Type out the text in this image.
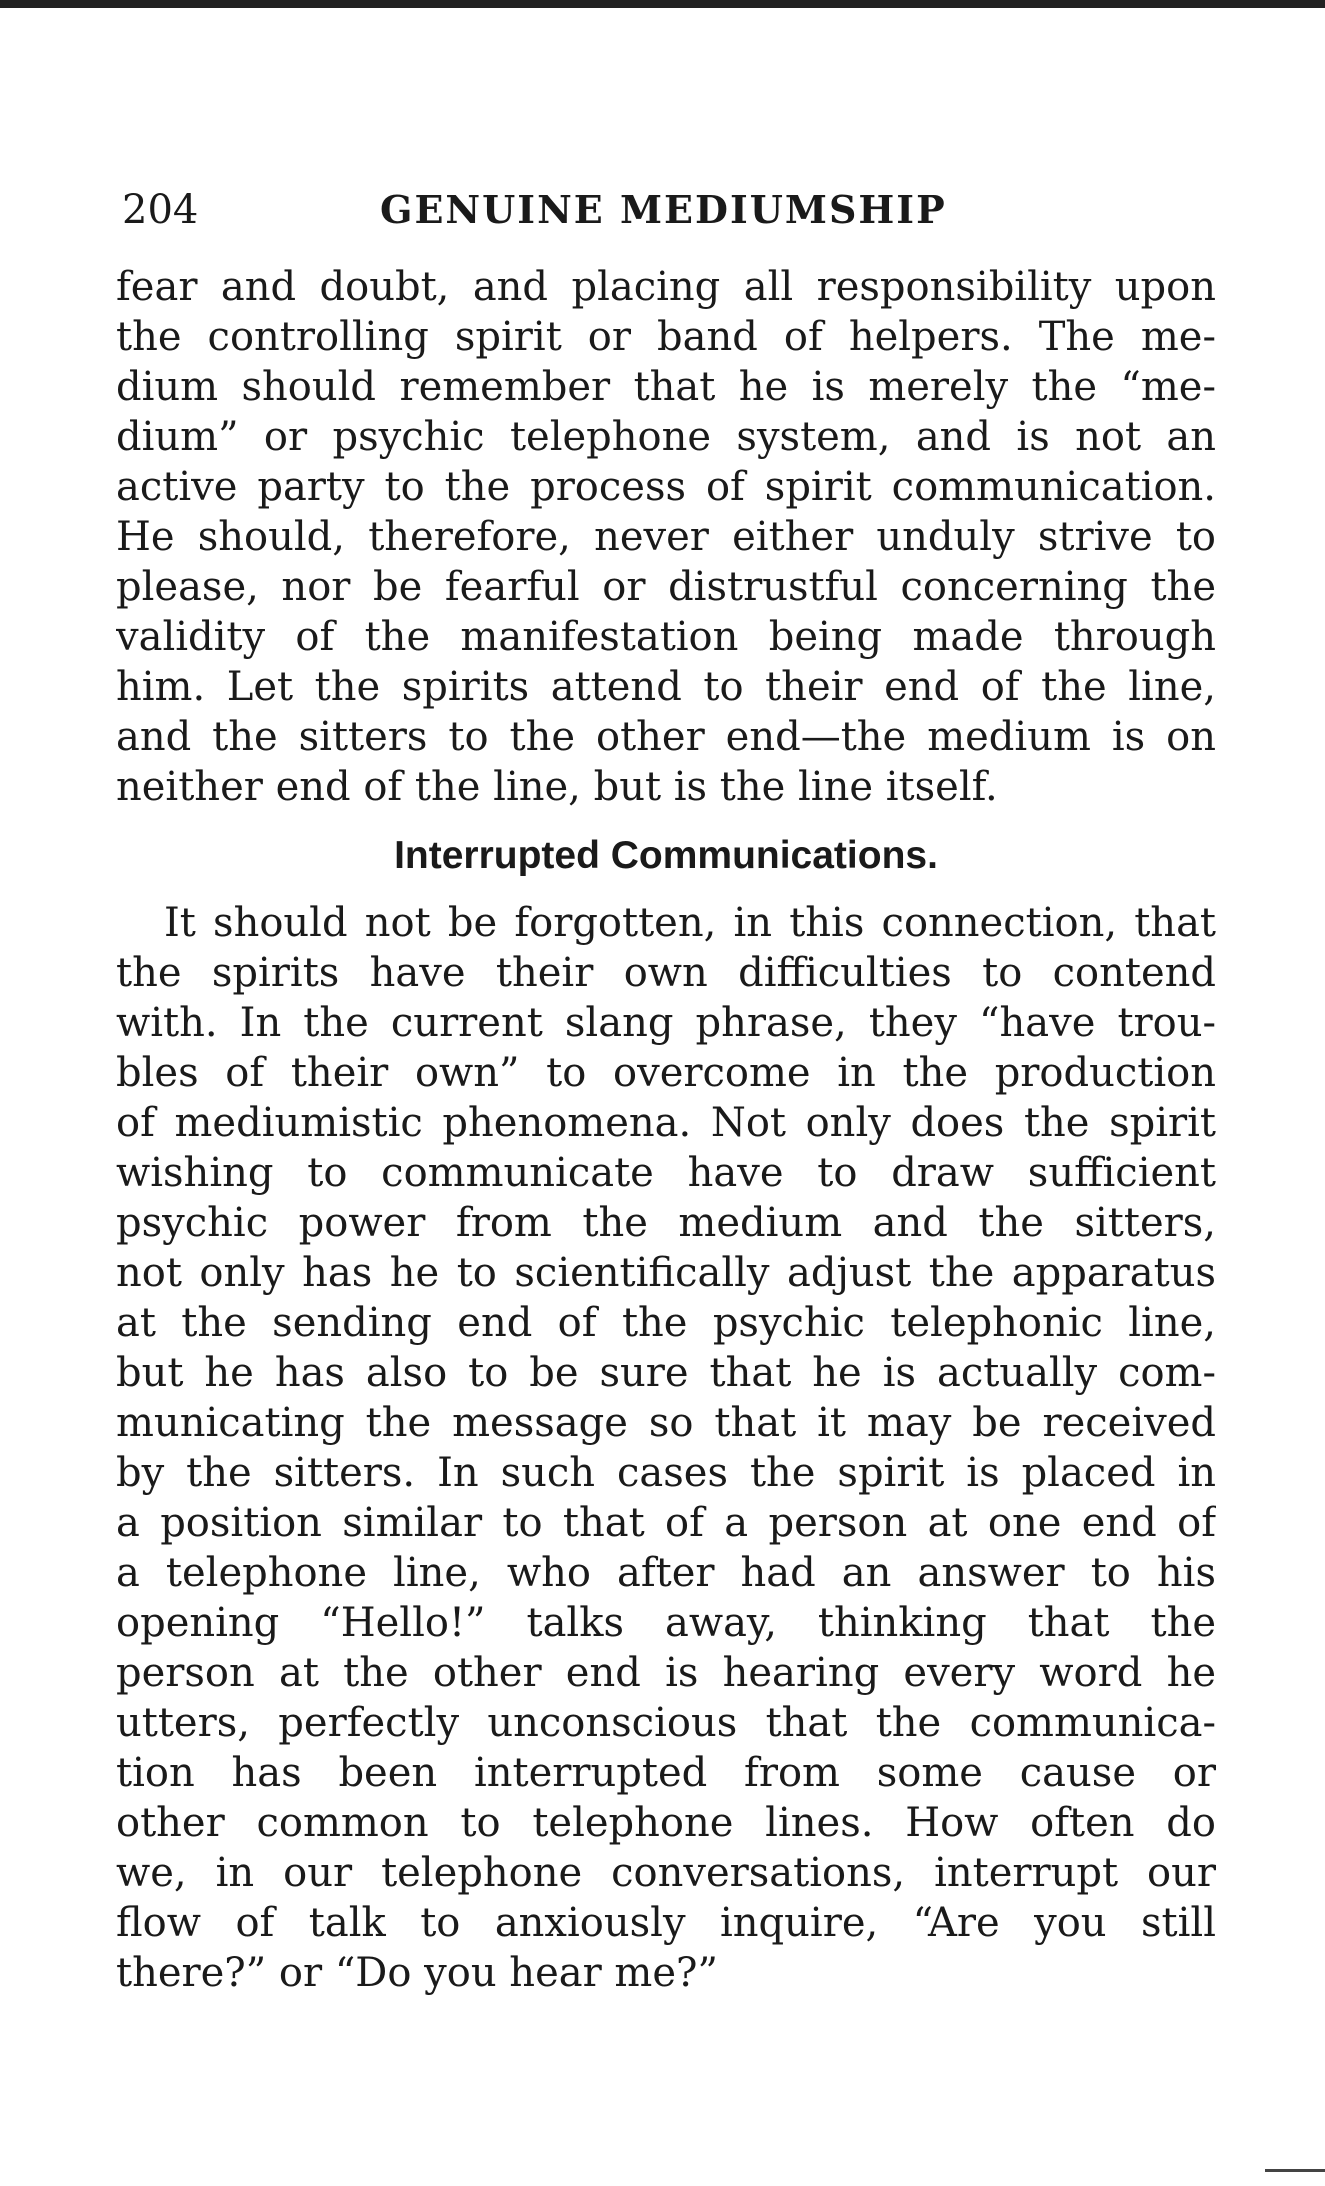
204	GENUINE MEDIUMSHIP
fear and doubt, and placing all responsibility upon
the controlling spirit or band of helpers. The me-
dium should remember that he is merely the “me-
dium” or psychic telephone system, and is not an
active party to the process of spirit communication.
He should, therefore, never either unduly strive to
please, nor be fearful or distrustful concerning the
validity of the manifestation being made through
him. Let the spirits attend to their end of the line,
and the sitters to the other end—the medium is on
neither end of the line, but is the line itself.
Interrupted Communications.
It should not be forgotten, in this connection, that
the spirits have their own difficulties to contend
with. In the current slang phrase, they “have trou-
bles of their own” to overcome in the production
of mediumistic phenomena. Not only does the spirit
wishing to communicate have to draw sufficient
psychic power from the medium and the sitters,
not only has he to scientifically adjust the apparatus
at the sending end of the psychic telephonic line,
but he has also to be sure that he is actually com-
municating the message so that it may be received
by the sitters. In such cases the spirit is placed in
a position similar to that of a person at one end of
a telephone line, who after had an answer to his
opening “Hello!” talks away, thinking that the
person at the other end is hearing every word he
utters, perfectly unconscious that the communica-
tion has been interrupted from some cause or
other common to telephone lines. How often do
we, in our telephone conversations, interrupt our
flow of talk to anxiously inquire, “Are you still
there?” or “Do you hear me?”
